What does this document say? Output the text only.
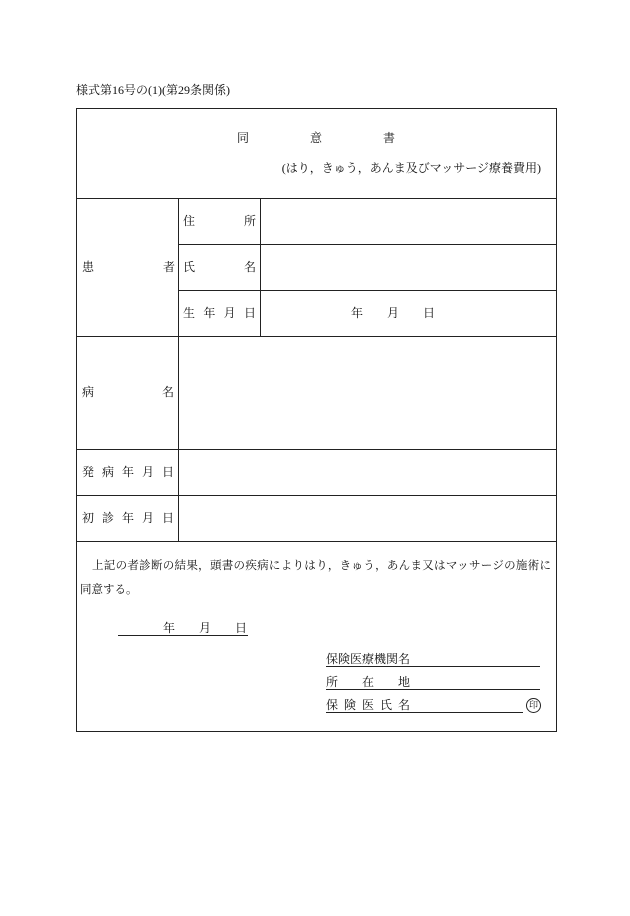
様式第16号の(1)(第29条関係)
同	意	書
(はり，きゅう，あんま及びマッサージ療養費用)
患	者
住	所
氏	名
生 年 月 日	年 月 日
病	名
発 病 年 月 日
初 診 年 月 日
上記の者診断の結果，頭書の疾病によりはり，きゅう，あんま又はマッサージの施術に
同意する。
年 月 日
保険医療機関名
所 在 地
保 険 医 氏 名	印
